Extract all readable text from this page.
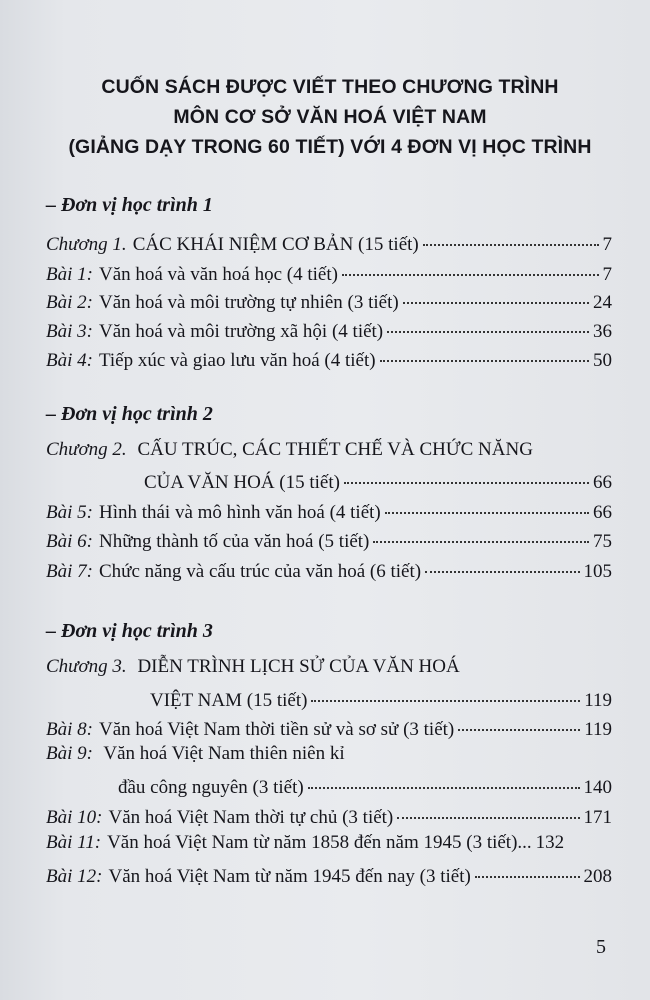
CUỐN SÁCH ĐƯỢC VIẾT THEO CHƯƠNG TRÌNH
MÔN CƠ SỞ VĂN HOÁ VIỆT NAM
(GIẢNG DẠY TRONG 60 TIẾT) VỚI 4 ĐƠN VỊ HỌC TRÌNH
– Đơn vị học trình 1
Chương 1. CÁC KHÁI NIỆM CƠ BẢN (15 tiết)	7
Bài 1: Văn hoá và văn hoá học (4 tiết)	7
Bài 2: Văn hoá và môi trường tự nhiên (3 tiết)	24
Bài 3: Văn hoá và môi trường xã hội (4 tiết)	36
Bài 4: Tiếp xúc và giao lưu văn hoá (4 tiết)	50
– Đơn vị học trình 2
Chương 2. CẤU TRÚC, CÁC THIẾT CHẾ VÀ CHỨC NĂNG
CỦA VĂN HOÁ (15 tiết)	66
Bài 5: Hình thái và mô hình văn hoá (4 tiết)	66
Bài 6: Những thành tố của văn hoá (5 tiết)	75
Bài 7: Chức năng và cấu trúc của văn hoá (6 tiết)	105
– Đơn vị học trình 3
Chương 3. DIỄN TRÌNH LỊCH SỬ CỦA VĂN HOÁ
VIỆT NAM (15 tiết)	119
Bài 8: Văn hoá Việt Nam thời tiền sử và sơ sử (3 tiết)	119
Bài 9: Văn hoá Việt Nam thiên niên kỉ
đầu công nguyên (3 tiết)	140
Bài 10: Văn hoá Việt Nam thời tự chủ (3 tiết)	171
Bài 11: Văn hoá Việt Nam từ năm 1858 đến năm 1945 (3 tiết)... 132
Bài 12: Văn hoá Việt Nam từ năm 1945 đến nay (3 tiết)	208
5
